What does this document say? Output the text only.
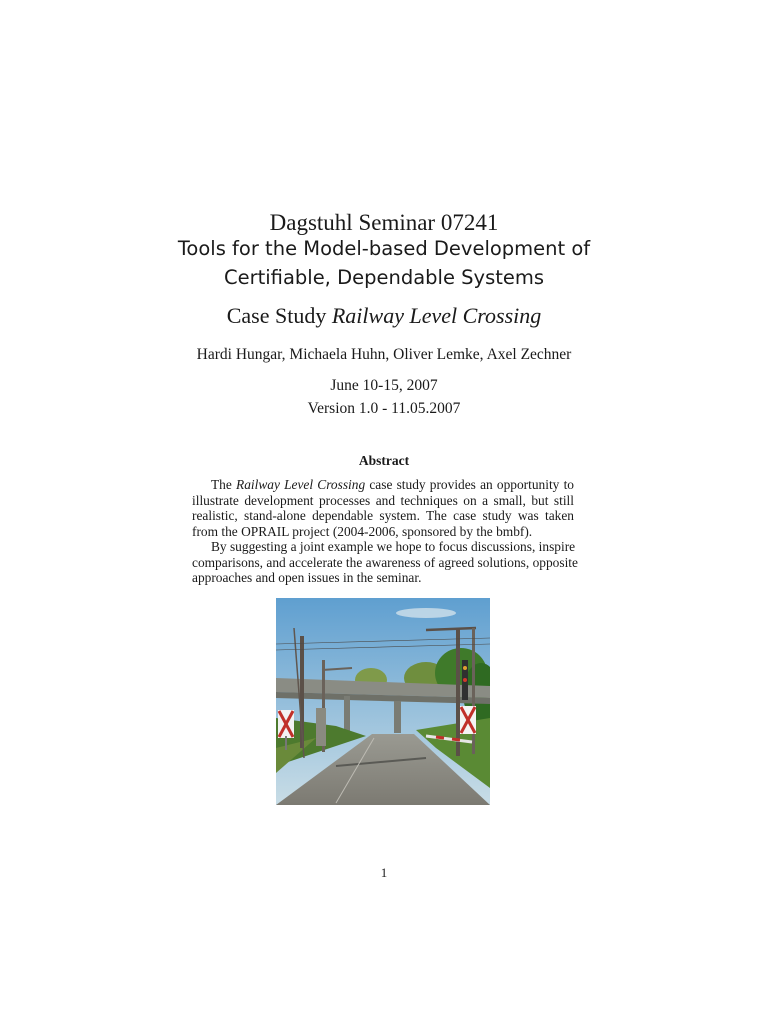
Dagstuhl Seminar 07241
Tools for the Model-based Development of
Certifiable, Dependable Systems
Case Study Railway Level Crossing
Hardi Hungar, Michaela Huhn, Oliver Lemke, Axel Zechner
June 10-15, 2007
Version 1.0 - 11.05.2007
Abstract
The Railway Level Crossing case study provides an opportunity to
illustrate development processes and techniques on a small, but still
realistic, stand-alone dependable system. The case study was taken
from the OPRAIL project (2004-2006, sponsored by the bmbf).
By suggesting a joint example we hope to focus discussions, inspire
comparisons, and accelerate the awareness of agreed solutions, opposite
approaches and open issues in the seminar.
1
